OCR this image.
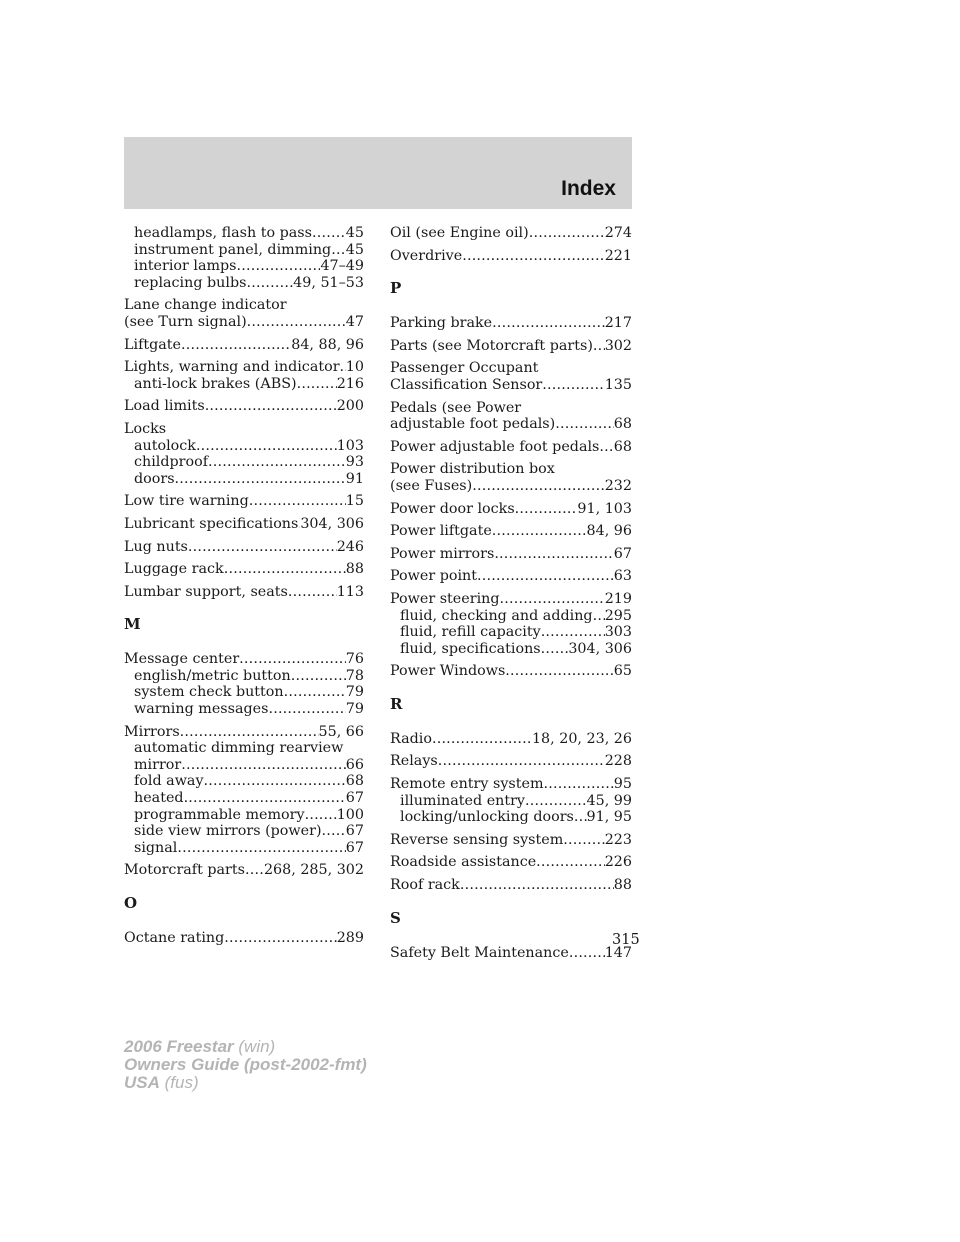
Index
headlamps, flash to pass ..... 45
instrument panel, dimming ..... 45
interior lamps .....	47–49
replacing bulbs .....	49, 51–53
Lane change indicator
(see Turn signal) .....	47
Liftgate .....	84, 88, 96
Lights, warning and indicator ..... 10
anti-lock brakes (ABS) .....	216
Load limits .....	200
Locks
autolock .....	103
childproof .....	93
doors .....	91
Low tire warning .....	15
Lubricant specifications ..... 304, 306
Lug nuts .....	246
Luggage rack .....	88
Lumbar support, seats .....	113
M
Message center .....	76
english/metric button .....	78
system check button .....	79
warning messages .....	79
Mirrors .....	55, 66
automatic dimming rearview
mirror .....	66
fold away .....	68
heated .....	67
programmable memory ..... 100
side view mirrors (power) ..... 67
signal .....	67
Motorcraft parts ..... 268, 285, 302
O
Octane rating .....	289
Oil (see Engine oil) .....	274
Overdrive .....	221
P
Parking brake .....	217
Parts (see Motorcraft parts) ..... 302
Passenger Occupant
Classification Sensor .....	135
Pedals (see Power
adjustable foot pedals) .....	68
Power adjustable foot pedals ..... 68
Power distribution box
(see Fuses) .....	232
Power door locks .....	91, 103
Power liftgate .....	84, 96
Power mirrors .....	67
Power point .....	63
Power steering .....	219
fluid, checking and adding ..... 295
fluid, refill capacity .....	303
fluid, specifications ..... 304, 306
Power Windows .....	65
R
Radio .....	18, 20, 23, 26
Relays .....	228
Remote entry system .....	95
illuminated entry .....	45, 99
locking/unlocking doors ..... 91, 95
Reverse sensing system .....	223
Roadside assistance .....	226
Roof rack .....	88
S
Safety Belt Maintenance .....	147
315
2006 Freestar (win)
Owners Guide (post-2002-fmt)
USA (fus)
